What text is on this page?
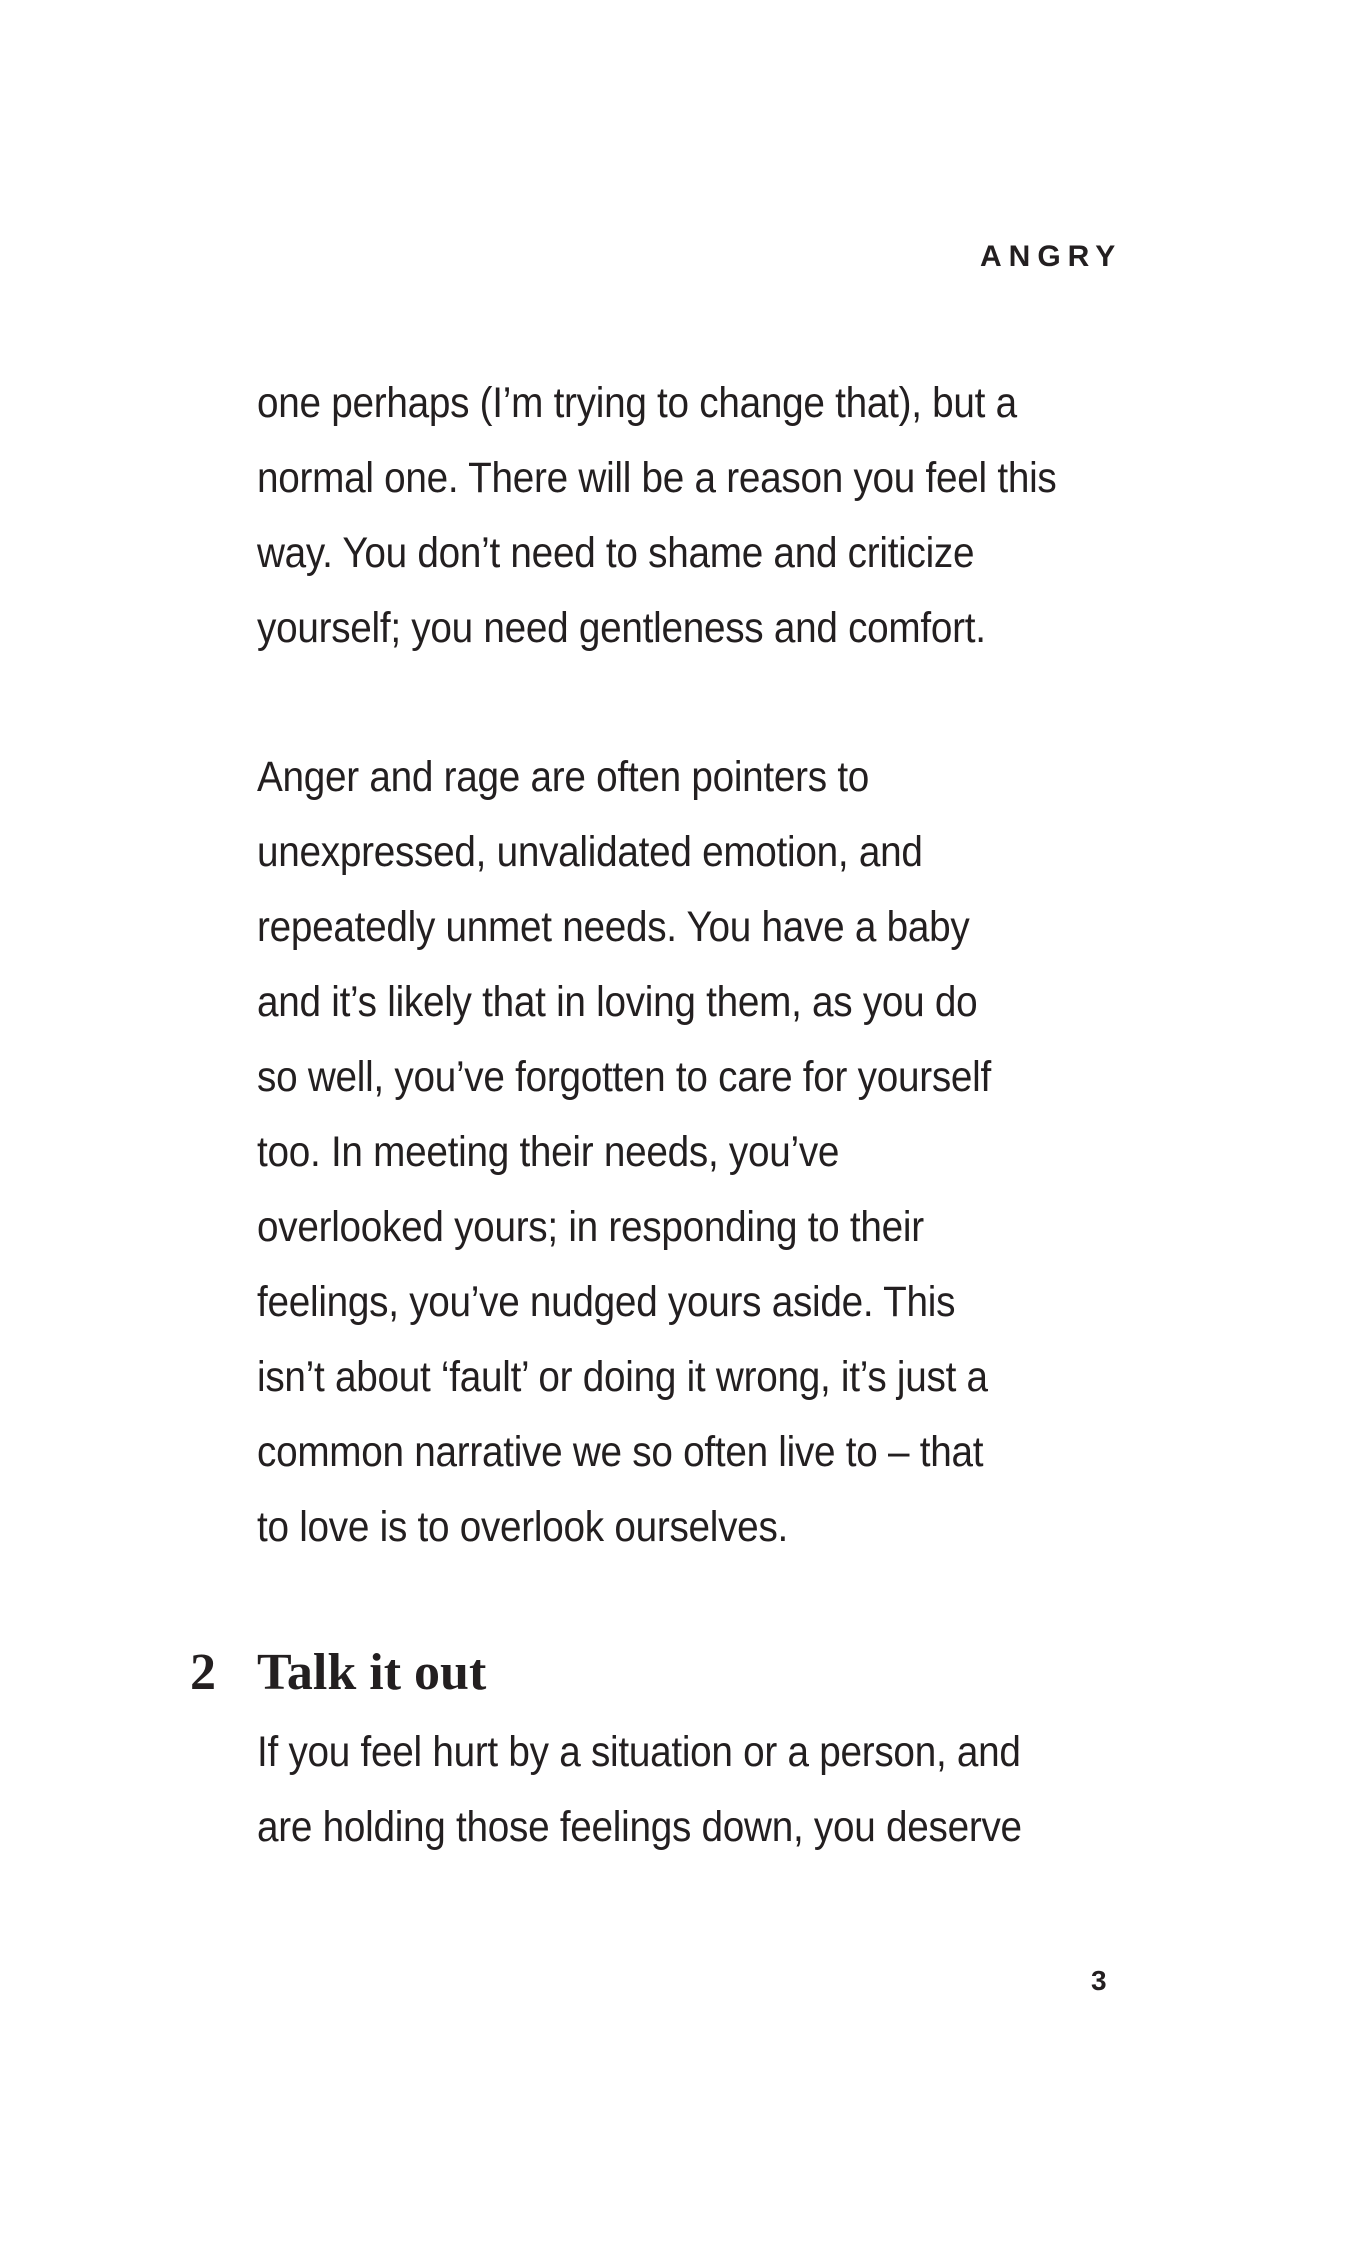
ANGRY
one perhaps (I’m trying to change that), but a
normal one. There will be a reason you feel this
way. You don’t need to shame and criticize
yourself; you need gentleness and comfort.
Anger and rage are often pointers to
unexpressed, unvalidated emotion, and
repeatedly unmet needs. You have a baby
and it’s likely that in loving them, as you do
so well, you’ve forgotten to care for yourself
too. In meeting their needs, you’ve
overlooked yours; in responding to their
feelings, you’ve nudged yours aside. This
isn’t about ‘fault’ or doing it wrong, it’s just a
common narrative we so often live to – that
to love is to overlook ourselves.
2 Talk it out
If you feel hurt by a situation or a person, and
are holding those feelings down, you deserve
3
